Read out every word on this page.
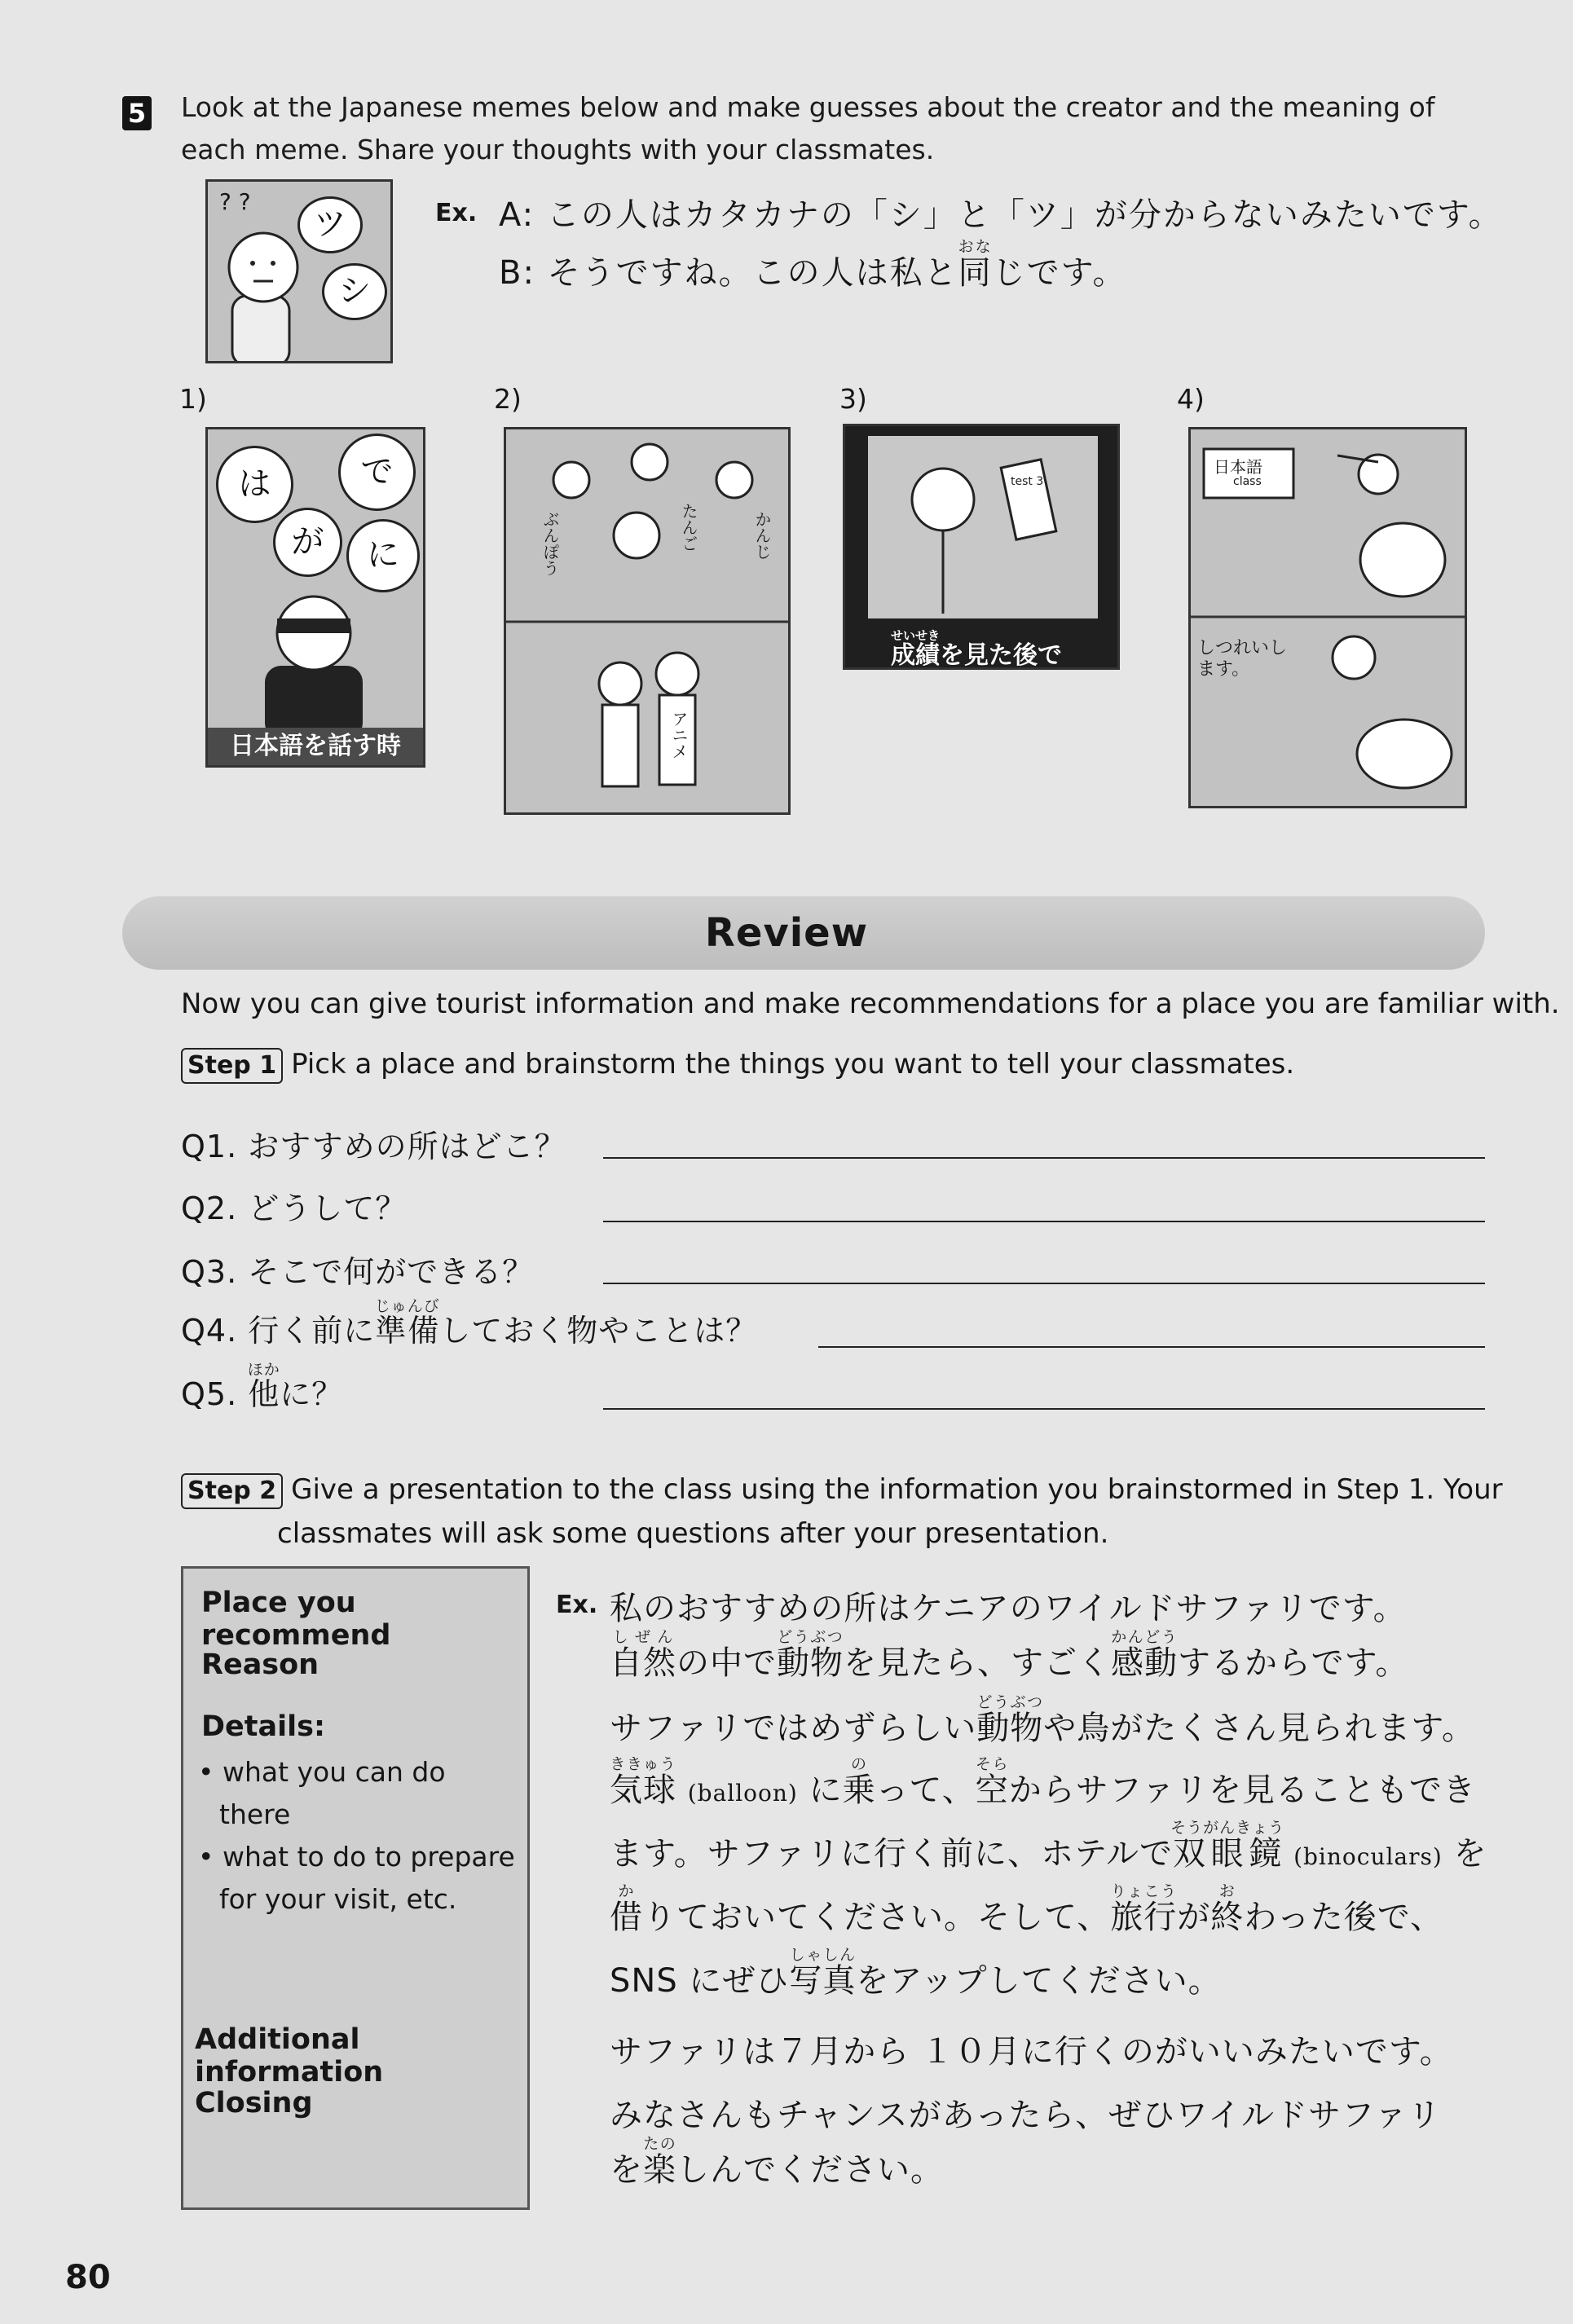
5 Look at the Japanese memes below and make guesses about the creator and the meaning of
each meme. Share your thoughts with your classmates.
? ?
ツ
シ
Ex. A: この人はカタカナの「シ」と「ツ」が分からないみたいです。
B: そうですね。この人は私と同おなじです。
1)	2)	3)	4)
は	で
が	に
日本語を話す時
ぶんぽう	たんご	かんじ
アニメ
test 3
成績せいせきを見た後で
日本語
class
しつれいします。
Review
Now you can give tourist information and make recommendations for a place you are familiar with.
Step 1 Pick a place and brainstorm the things you want to tell your classmates.
Q1. おすすめの所はどこ？
Q2. どうして？
Q3. そこで何ができる？
Q4. 行く前に準備じゅんびしておく物やことは？
Q5. 他ほかに？
Step 2 Give a presentation to the class using the information you brainstormed in Step 1. Your
classmates will ask some questions after your presentation.
Place you recommend
Reason
Details:
• what you can do
there
• what to do to prepare
for your visit, etc.
Additional information
Closing
Ex. 私のおすすめの所はケニアのワイルドサファリです。
自然しぜんの中で動物どうぶつを見たら、すごく感動かんどうするからです。
サファリではめずらしい動物どうぶつや鳥がたくさん見られます。
気球ききゅう (balloon) に乗のって、空そらからサファリを見ることもでき
ます。サファリに行く前に、ホテルで双眼鏡そうがんきょう (binoculars) を
借かりておいてください。そして、旅行りょこうが終おわった後で、
SNS にぜひ写真しゃしんをアップしてください。
サファリは７月から １０月に行くのがいいみたいです。
みなさんもチャンスがあったら、ぜひワイルドサファリ
を楽たのしんでください。
80
